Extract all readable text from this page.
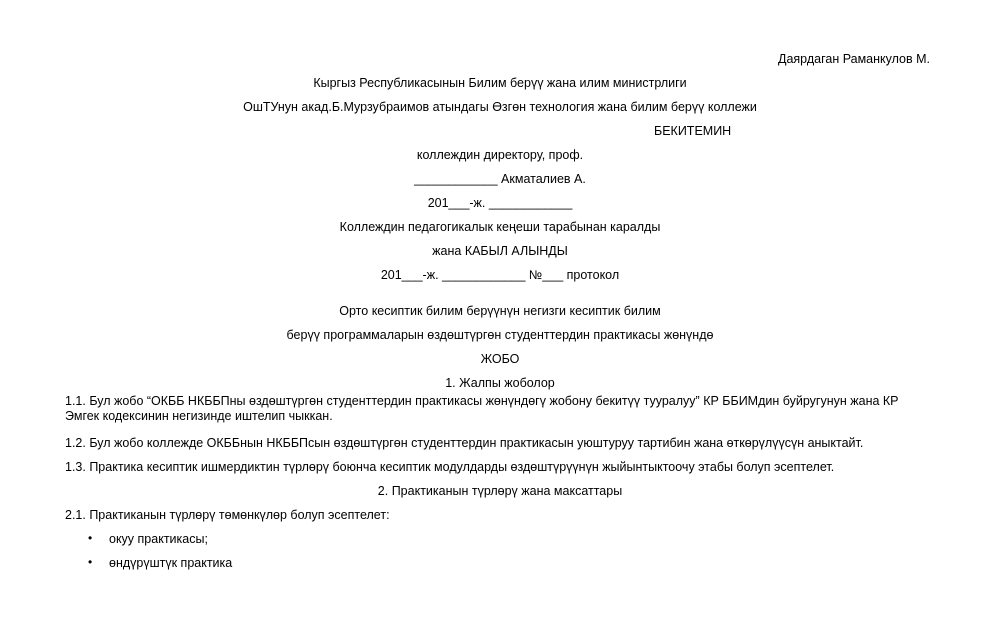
Даярдаган Раманкулов М.
Кыргыз Республикасынын Билим берүү жана илим министрлиги
ОшТУнун акад.Б.Мурзубраимов атындагы Өзгөн технология жана билим берүү коллежи
БЕКИТЕМИН
коллеждин директору, проф.
____________ Акматалиев А.
201___-ж. ____________
Коллеждин педагогикалык кеңеши тарабынан каралды
жана КАБЫЛ АЛЫНДЫ
201___-ж. ____________ №___ протокол
Орто кесиптик билим берүүнүн негизги кесиптик билим
берүү программаларын өздөштүргөн студенттердин практикасы жөнүндө
ЖОБО
1. Жалпы жоболор
1.1. Бул жобо “ОКББ НКББПны өздөштүргөн студенттердин практикасы жөнүндөгү жобону бекитүү тууралуу” КР ББИМдин буйругунун жана КР Эмгек кодексинин негизинде иштелип чыккан.
1.2. Бул жобо коллежде ОКББнын НКББПсын өздөштүргөн студенттердин практикасын уюштуруу тартибин жана өткөрүлүүсүн аныктайт.
1.3. Практика кесиптик ишмердиктин түрлөрү боюнча кесиптик модулдарды өздөштүрүүнүн жыйынтыктоочу этабы болуп эсептелет.
2. Практиканын түрлөрү жана максаттары
2.1. Практиканын түрлөрү төмөнкүлөр болуп эсептелет:
• окуу практикасы;
• өндүрүштүк практика
